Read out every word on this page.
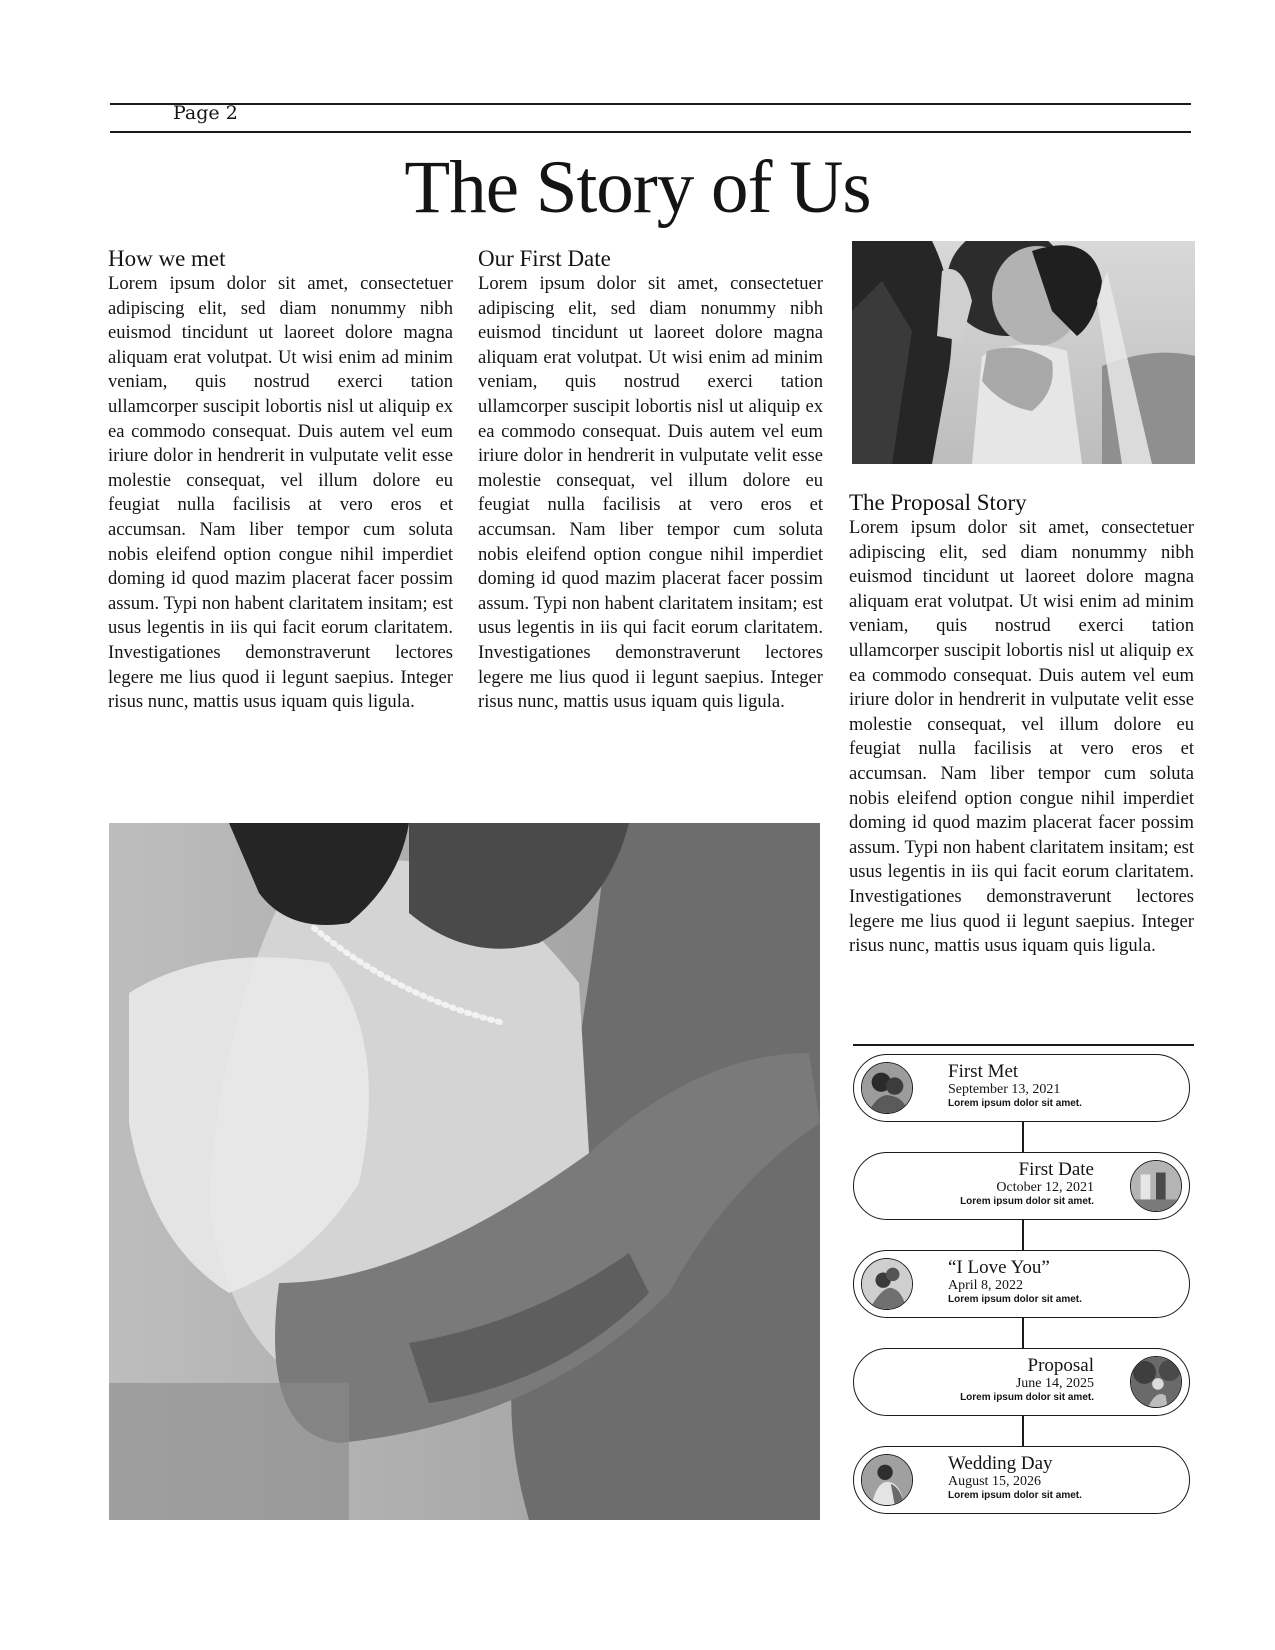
Page 2
The Story of Us
How we met

Lorem ipsum dolor sit amet, consectetuer adipiscing elit, sed diam nonummy nibh euismod tincidunt ut laoreet dolore magna aliquam erat volutpat. Ut wisi enim ad minim veniam, quis nostrud exerci tation ullamcorper suscipit lobortis nisl ut aliquip ex ea commodo consequat. Duis autem vel eum iriure dolor in hendrerit in vulputate velit esse molestie consequat, vel illum dolore eu feugiat nulla facilisis at vero eros et accumsan. Nam liber tempor cum soluta nobis eleifend option congue nihil imperdiet doming id quod mazim placerat facer possim assum. Typi non habent claritatem insitam; est usus legentis in iis qui facit eorum claritatem. Investigationes demonstraverunt lectores legere me lius quod ii legunt saepius. Integer risus nunc, mattis usus iquam quis ligula.

Our First Date

Lorem ipsum dolor sit amet, consectetuer adipiscing elit, sed diam nonummy nibh euismod tincidunt ut laoreet dolore magna aliquam erat volutpat. Ut wisi enim ad minim veniam, quis nostrud exerci tation ullamcorper suscipit lobortis nisl ut aliquip ex ea commodo consequat. Duis autem vel eum iriure dolor in hendrerit in vulputate velit esse molestie consequat, vel illum dolore eu feugiat nulla facilisis at vero eros et accumsan. Nam liber tempor cum soluta nobis eleifend option congue nihil imperdiet doming id quod mazim placerat facer possim assum. Typi non habent claritatem insitam; est usus legentis in iis qui facit eorum claritatem. Investigationes demonstraverunt lectores legere me lius quod ii legunt saepius. Integer risus nunc, mattis usus iquam quis ligula.

The Proposal Story

Lorem ipsum dolor sit amet, consectetuer adipiscing elit, sed diam nonummy nibh euismod tincidunt ut laoreet dolore magna aliquam erat volutpat. Ut wisi enim ad minim veniam, quis nostrud exerci tation ullamcorper suscipit lobortis nisl ut aliquip ex ea commodo consequat. Duis autem vel eum iriure dolor in hendrerit in vulputate velit esse molestie consequat, vel illum dolore eu feugiat nulla facilisis at vero eros et accumsan. Nam liber tempor cum soluta nobis eleifend option congue nihil imperdiet doming id quod mazim placerat facer possim assum. Typi non habent claritatem insitam; est usus legentis in iis qui facit eorum claritatem. Investigationes demonstraverunt lectores legere me lius quod ii legunt saepius. Integer risus nunc, mattis usus iquam quis ligula.

First Met
September 13, 2021
Lorem ipsum dolor sit amet.
First Date
October 12, 2021
Lorem ipsum dolor sit amet.
“I Love You”
April 8, 2022
Lorem ipsum dolor sit amet.
Proposal
June 14, 2025
Lorem ipsum dolor sit amet.
Wedding Day
August 15, 2026
Lorem ipsum dolor sit amet.
